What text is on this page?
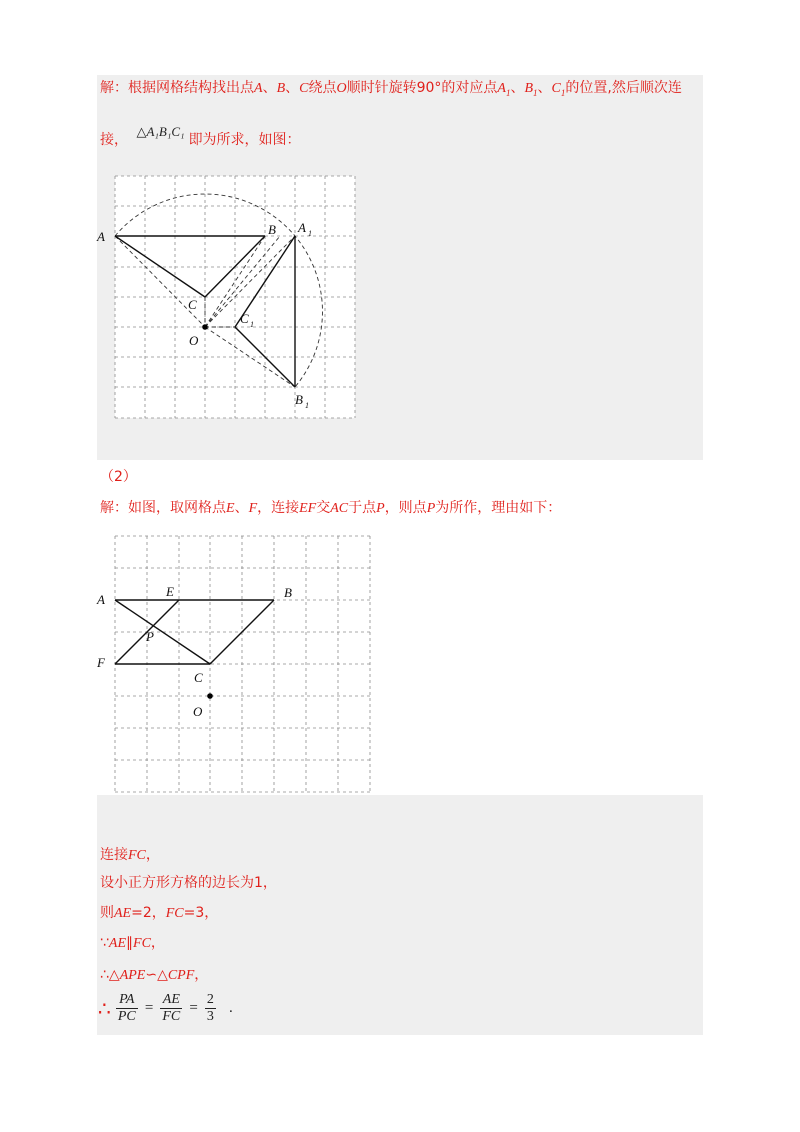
解：根据网格结构找出点A、B、C绕点O顺时针旋转90°的对应点$A_1$、$B_1$、$C_1$的位置,然后顺次连
接， △A₁B₁C₁即为所求，如图：
A	B
C
O
A 1
B 1
C 1
（2）
解：如图，取网格点E、F，连接EF交AC于点P，则点P为所作，理由如下：
A
E	B
P
F
C
O
连接FC，
设小正方形方格的边长为1，
则AE=2，FC=3，
∵AE∥FC，
∴△APE∽△CPF，
∴ $\frac{PA}{PC} = \frac{AE}{FC} = \frac{2}{3}$ .
